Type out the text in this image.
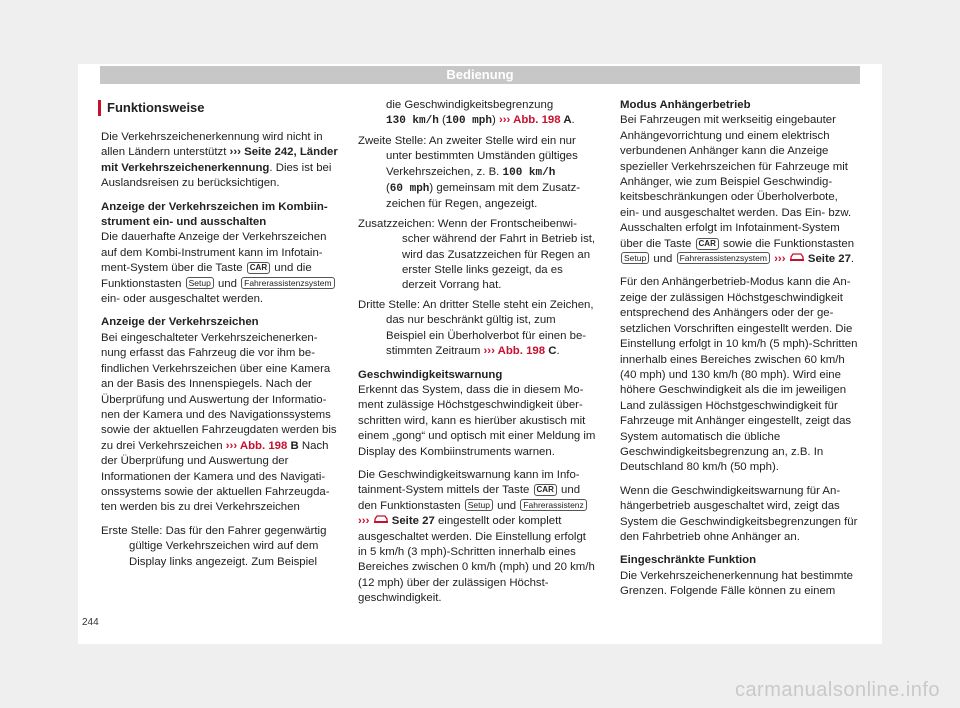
Bedienung
Funktionsweise

Die Verkehrszeichenerkennung wird nicht in allen Ländern unterstützt ››› Seite 242, Länder mit Verkehrszeichenerkennung. Dies ist bei Auslandsreisen zu berücksichtigen.

Anzeige der Verkehrszeichen im Kombiinstrument ein- und ausschalten

Die dauerhafte Anzeige der Verkehrszeichen auf dem Kombi-Instrument kann im Infotainment-System über die Taste CAR und die Funktionstasten Setup und Fahrerassistenzsystem ein- oder ausgeschaltet werden.

Anzeige der Verkehrszeichen

Bei eingeschalteter Verkehrszeichenerkennung erfasst das Fahrzeug die vor ihm befindlichen Verkehrszeichen über eine Kamera an der Basis des Innenspiegels. Nach der Überprüfung und Auswertung der Informationen der Kamera und des Navigationssystems sowie der aktuellen Fahrzeugdaten werden bis zu drei Verkehrszeichen ››› Abb. 198 B Nach der Überprüfung und Auswertung der Informationen der Kamera und des Navigationssystems sowie der aktuellen Fahrzeugdaten werden bis zu drei Verkehrszeichen

Erste Stelle: Das für den Fahrer gegenwärtig gültige Verkehrszeichen wird auf dem Display links angezeigt. Zum Beispiel

die Geschwindigkeitsbegrenzung
130 km/h (100 mph) ››› Abb. 198 A.

Zweite Stelle: An zweiter Stelle wird ein nur unter bestimmten Umständen gültiges Verkehrszeichen, z. B. 100 km/h
(60 mph) gemeinsam mit dem Zusatzzeichen für Regen, angezeigt.

Zusatzzeichen: Wenn der Frontscheibenwischer während der Fahrt in Betrieb ist, wird das Zusatzzeichen für Regen an erster Stelle links gezeigt, da es derzeit Vorrang hat.

Dritte Stelle: An dritter Stelle steht ein Zeichen, das nur beschränkt gültig ist, zum Beispiel ein Überholverbot für einen bestimmten Zeitraum ››› Abb. 198 C.

Geschwindigkeitswarnung

Erkennt das System, dass die in diesem Moment zulässige Höchstgeschwindigkeit überschritten wird, kann es hierüber akustisch mit einem „gong“ und optisch mit einer Meldung im Display des Kombiinstruments warnen.

Die Geschwindigkeitswarnung kann im Infotainment-System mittels der Taste CAR und den Funktionstasten Setup und Fahrerassistenz
›››
Seite 27 eingestellt oder komplett ausgeschaltet werden. Die Einstellung erfolgt in 5 km/h (3 mph)-Schritten innerhalb eines Bereiches zwischen 0 km/h (mph) und 20 km/h (12 mph) über der zulässigen Höchstgeschwindigkeit.

Modus Anhängerbetrieb

Bei Fahrzeugen mit werkseitig eingebauter Anhängevorrichtung und einem elektrisch verbundenen Anhänger kann die Anzeige spezieller Verkehrszeichen für Fahrzeuge mit Anhänger, wie zum Beispiel Geschwindigkeitsbeschränkungen oder Überholverbote, ein- und ausgeschaltet werden. Das Ein- bzw. Ausschalten erfolgt im Infotainment-System über die Taste CAR sowie die Funktionstasten Setup und Fahrerassistenzsystem ›››
Seite 27.

Für den Anhängerbetrieb-Modus kann die Anzeige der zulässigen Höchstgeschwindigkeit entsprechend des Anhängers oder der gesetzlichen Vorschriften eingestellt werden. Die Einstellung erfolgt in 10 km/h (5 mph)-Schritten innerhalb eines Bereiches zwischen 60 km/h (40 mph) und 130 km/h (80 mph). Wird eine höhere Geschwindigkeit als die im jeweiligen Land zulässigen Höchstgeschwindigkeit für Fahrzeuge mit Anhänger eingestellt, zeigt das System automatisch die übliche Geschwindigkeitsbegrenzung an, z.B. In Deutschland 80 km/h (50 mph).

Wenn die Geschwindigkeitswarnung für Anhängerbetrieb ausgeschaltet wird, zeigt das System die Geschwindigkeitsbegrenzungen für den Fahrbetrieb ohne Anhänger an.

Eingeschränkte Funktion

Die Verkehrszeichenerkennung hat bestimmte Grenzen. Folgende Fälle können zu einem

244
carmanualsonline.info
